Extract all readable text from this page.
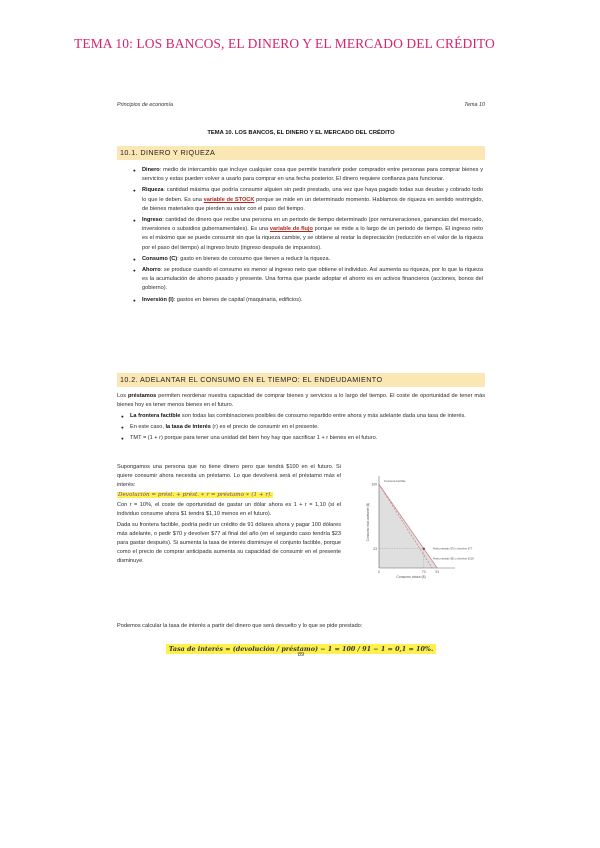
TEMA 10: LOS BANCOS, EL DINERO Y EL MERCADO DEL CRÉDITO
Principios de economía	Tema 10
TEMA 10. LOS BANCOS, EL DINERO Y EL MERCADO DEL CRÉDITO
10.1. DINERO Y RIQUEZA
● Dinero: medio de intercambio que incluye cualquier cosa que permite transferir poder comprador entre personas para comprar bienes y servicios y estas pueden volver a usarlo para comprar en una fecha posterior. El dinero requiere confianza para funcionar.
● Riqueza: cantidad máxima que podría consumir alguien sin pedir prestado, una vez que haya pagado todas sus deudas y cobrado todo lo que le deben. Es una variable de STOCK porque se mide en un determinado momento. Hablamos de riqueza en sentido restringido, de bienes materiales que pierden su valor con el paso del tiempo.
● Ingreso: cantidad de dinero que recibe una persona en un periodo de tiempo determinado (por remuneraciones, ganancias del mercado, inversiones o subsidios gubernamentales). Es una variable de flujo porque se mide a lo largo de un periodo de tiempo. El ingreso neto es el máximo que se puede consumir sin que la riqueza cambie, y se obtiene al restar la depreciación (reducción en el valor de la riqueza por el paso del tiempo) al ingreso bruto (ingreso después de impuestos).
● Consumo (C): gasto en bienes de consumo que tienen a reducir la riqueza.
● Ahorro: se produce cuando el consumo es menor al ingreso neto que obtiene el individuo. Así aumenta su riqueza, por lo que la riqueza es la acumulación de ahorro pasado y presente. Una forma que puede adoptar el ahorro es en activos financieros (acciones, bonos del gobierno).
● Inversión (I): gastos en bienes de capital (maquinaria, edificios).
10.2. ADELANTAR EL CONSUMO EN EL TIEMPO: EL ENDEUDAMIENTO
Los préstamos permiten reordenar nuestra capacidad de comprar bienes y servicios a lo largo del tiempo. El coste de oportunidad de tener más bienes hoy es tener menos bienes en el futuro.
● La frontera factible son todas las combinaciones posibles de consumo repartido entre ahora y más adelante dada una tasa de interés.
● En este caso, la tasa de interés (r) es el precio de consumir en el presente.
● TMT = (1 + r) porque para tener una unidad del bien hoy hay que sacrificar 1 + r bienes en el futuro.

Supongamos una persona que no tiene dinero pero que tendrá $100 en el futuro. Si quiere consumir ahora necesita un préstamo. Lo que devolverá será el préstamo más el interés:

Devolución = prést. + prést. ∗ r = préstamo ∗ (1 + r).

Con r = 10%, el coste de oportunidad de gastar un dólar ahora es 1 + r = 1,10 (si el individuo consume ahora $1 tendrá $1,10 menos en el futuro).

Dada su frontera factible, podría pedir un crédito de 91 dólares ahora y pagar 100 dólares más adelante, o pedir $70 y devolver $77 al final del año (en el segundo caso tendría $23 para gastar después). Si aumenta la tasa de interés disminuye el conjunto factible, porque como el precio de comprar anticipada aumenta su capacidad de consumir en el presente disminuye.

0	70	91
100
23
Consumo ahora ($)
Consumo más adelante ($)
Frontera factible
Pedir prestado $70 y devolver $77
Pedir prestado $91 y devolver $100
Podemos calcular la tasa de interés a partir del dinero que será devuelto y lo que se pide prestado:
Tasa de interés = (devolución / préstamo) − 1 = 100 / 91 − 1 = 0,1 = 10%.
89
